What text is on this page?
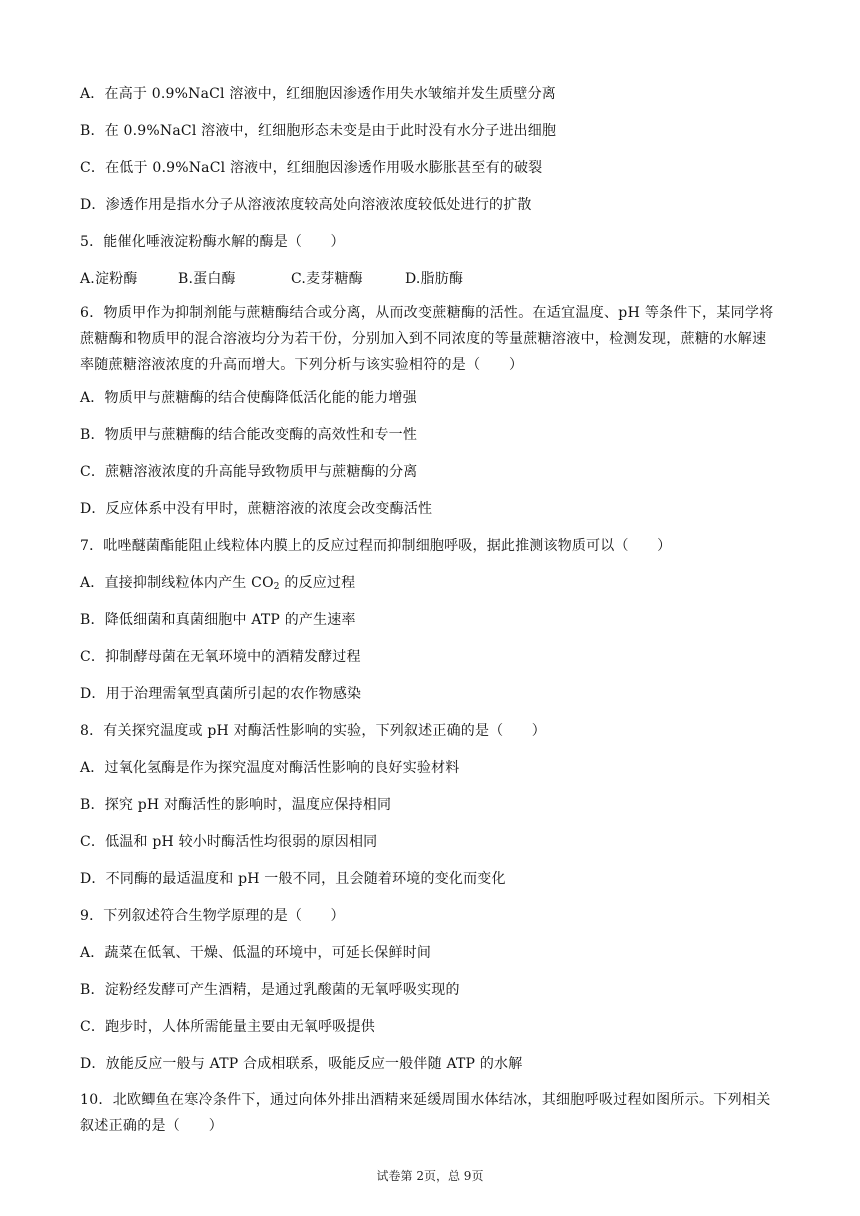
A．在高于 0.9%NaCl 溶液中，红细胞因渗透作用失水皱缩并发生质壁分离
B．在 0.9%NaCl 溶液中，红细胞形态未变是由于此时没有水分子进出细胞
C．在低于 0.9%NaCl 溶液中，红细胞因渗透作用吸水膨胀甚至有的破裂
D．渗透作用是指水分子从溶液浓度较高处向溶液浓度较低处进行的扩散
5．能催化唾液淀粉酶水解的酶是（　　）
A.淀粉酶	B.蛋白酶	C.麦芽糖酶	D.脂肪酶
6．物质甲作为抑制剂能与蔗糖酶结合或分离，从而改变蔗糖酶的活性。在适宜温度、pH 等条件下，某同学将蔗糖酶和物质甲的混合溶液均分为若干份，分别加入到不同浓度的等量蔗糖溶液中，检测发现，蔗糖的水解速率随蔗糖溶液浓度的升高而增大。下列分析与该实验相符的是（　　）
A．物质甲与蔗糖酶的结合使酶降低活化能的能力增强
B．物质甲与蔗糖酶的结合能改变酶的高效性和专一性
C．蔗糖溶液浓度的升高能导致物质甲与蔗糖酶的分离
D．反应体系中没有甲时，蔗糖溶液的浓度会改变酶活性
7．吡唑醚菌酯能阻止线粒体内膜上的反应过程而抑制细胞呼吸，据此推测该物质可以（　　）
A．直接抑制线粒体内产生 $CO_2$ 的反应过程
B．降低细菌和真菌细胞中 ATP 的产生速率
C．抑制酵母菌在无氧环境中的酒精发酵过程
D．用于治理需氧型真菌所引起的农作物感染
8．有关探究温度或 pH 对酶活性影响的实验，下列叙述正确的是（　　）
A．过氧化氢酶是作为探究温度对酶活性影响的良好实验材料
B．探究 pH 对酶活性的影响时，温度应保持相同
C．低温和 pH 较小时酶活性均很弱的原因相同
D．不同酶的最适温度和 pH 一般不同，且会随着环境的变化而变化
9．下列叙述符合生物学原理的是（　　）
A．蔬菜在低氧、干燥、低温的环境中，可延长保鲜时间
B．淀粉经发酵可产生酒精，是通过乳酸菌的无氧呼吸实现的
C．跑步时，人体所需能量主要由无氧呼吸提供
D．放能反应一般与 ATP 合成相联系，吸能反应一般伴随 ATP 的水解
10．北欧鲫鱼在寒冷条件下，通过向体外排出酒精来延缓周围水体结冰，其细胞呼吸过程如图所示。下列相关叙述正确的是（　　）
试卷第 2页，总 9页
